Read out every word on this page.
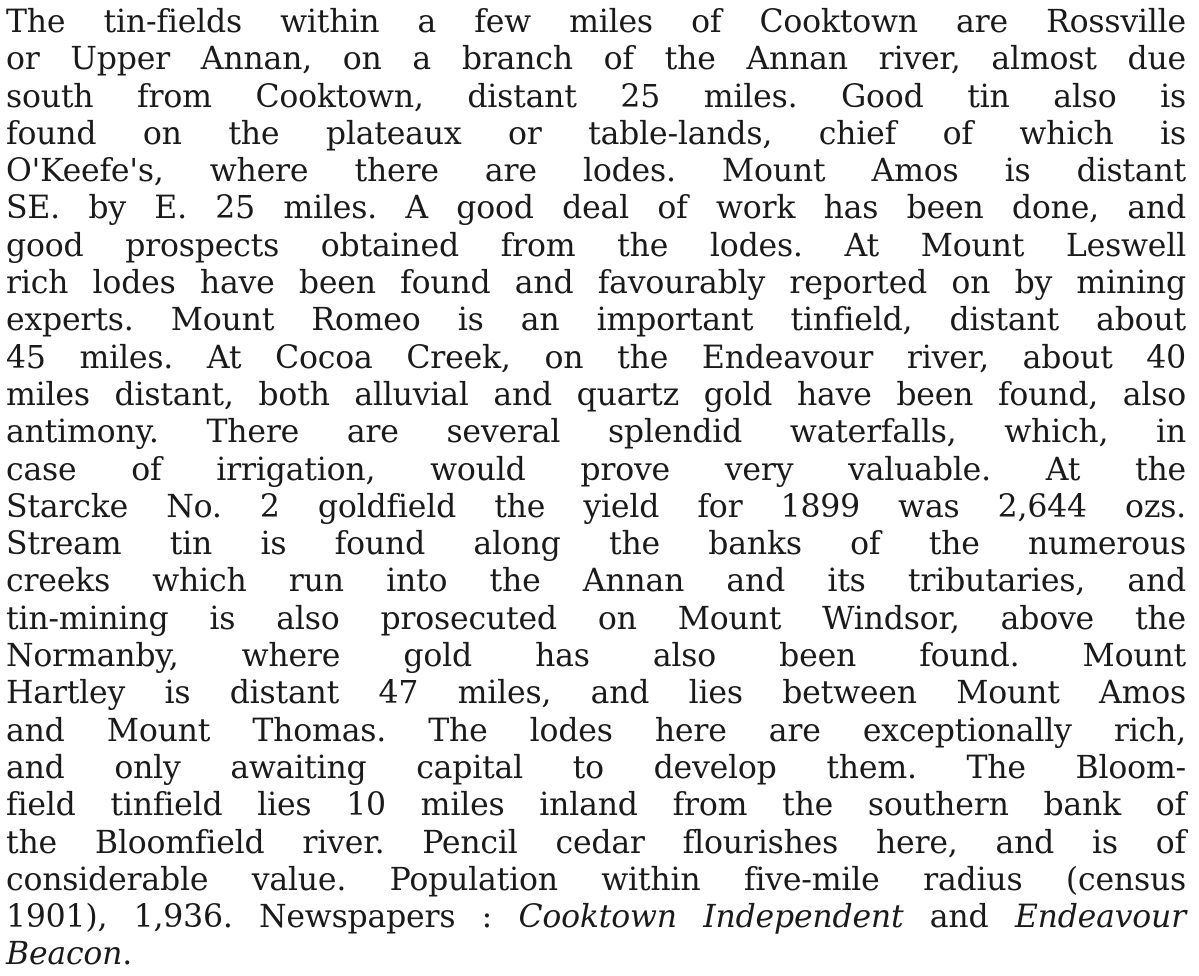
The tin-fields within a few miles of Cooktown are Rossville
or Upper Annan, on a branch of the Annan river, almost due
south from Cooktown, distant 25 miles. Good tin also is
found on the plateaux or table-lands, chief of which is
O'Keefe's, where there are lodes. Mount Amos is distant
SE. by E. 25 miles. A good deal of work has been done, and
good prospects obtained from the lodes. At Mount Leswell
rich lodes have been found and favourably reported on by mining
experts. Mount Romeo is an important tinfield, distant about
45 miles. At Cocoa Creek, on the Endeavour river, about 40
miles distant, both alluvial and quartz gold have been found, also
antimony. There are several splendid waterfalls, which, in
case of irrigation, would prove very valuable. At the
Starcke No. 2 goldfield the yield for 1899 was 2,644 ozs.
Stream tin is found along the banks of the numerous
creeks which run into the Annan and its tributaries, and
tin-mining is also prosecuted on Mount Windsor, above the
Normanby, where gold has also been found. Mount
Hartley is distant 47 miles, and lies between Mount Amos
and Mount Thomas. The lodes here are exceptionally rich,
and only awaiting capital to develop them. The Bloom-
field tinfield lies 10 miles inland from the southern bank of
the Bloomfield river. Pencil cedar flourishes here, and is of
considerable value. Population within five-mile radius (census
1901), 1,936. Newspapers : Cooktown Independent and Endeavour
Beacon.
